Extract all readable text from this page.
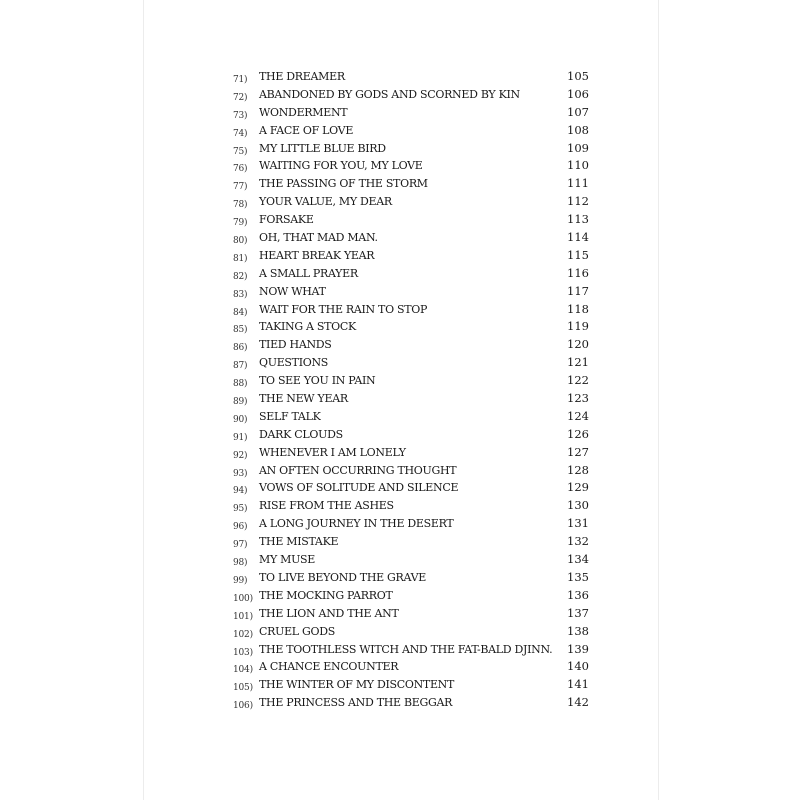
71) THE DREAMER	105
72) ABANDONED BY GODS AND SCORNED BY KIN	106
73) WONDERMENT	107
74) A FACE OF LOVE	108
75) MY LITTLE BLUE BIRD	109
76) WAITING FOR YOU, MY LOVE	110
77) THE PASSING OF THE STORM	111
78) YOUR VALUE, MY DEAR	112
79) FORSAKE	113
80) OH, THAT MAD MAN.	114
81) HEART BREAK YEAR	115
82) A SMALL PRAYER	116
83) NOW WHAT	117
84) WAIT FOR THE RAIN TO STOP	118
85) TAKING A STOCK	119
86) TIED HANDS	120
87) QUESTIONS	121
88) TO SEE YOU IN PAIN	122
89) THE NEW YEAR	123
90) SELF TALK	124
91) DARK CLOUDS	126
92) WHENEVER I AM LONELY	127
93) AN OFTEN OCCURRING THOUGHT	128
94) VOWS OF SOLITUDE AND SILENCE	129
95) RISE FROM THE ASHES	130
96) A LONG JOURNEY IN THE DESERT	131
97) THE MISTAKE	132
98) MY MUSE	134
99) TO LIVE BEYOND THE GRAVE	135
100) THE MOCKING PARROT	136
101) THE LION AND THE ANT	137
102) CRUEL GODS	138
103) THE TOOTHLESS WITCH AND THE FAT-BALD DJINN. 139
104) A CHANCE ENCOUNTER	140
105) THE WINTER OF MY DISCONTENT	141
106) THE PRINCESS AND THE BEGGAR	142
